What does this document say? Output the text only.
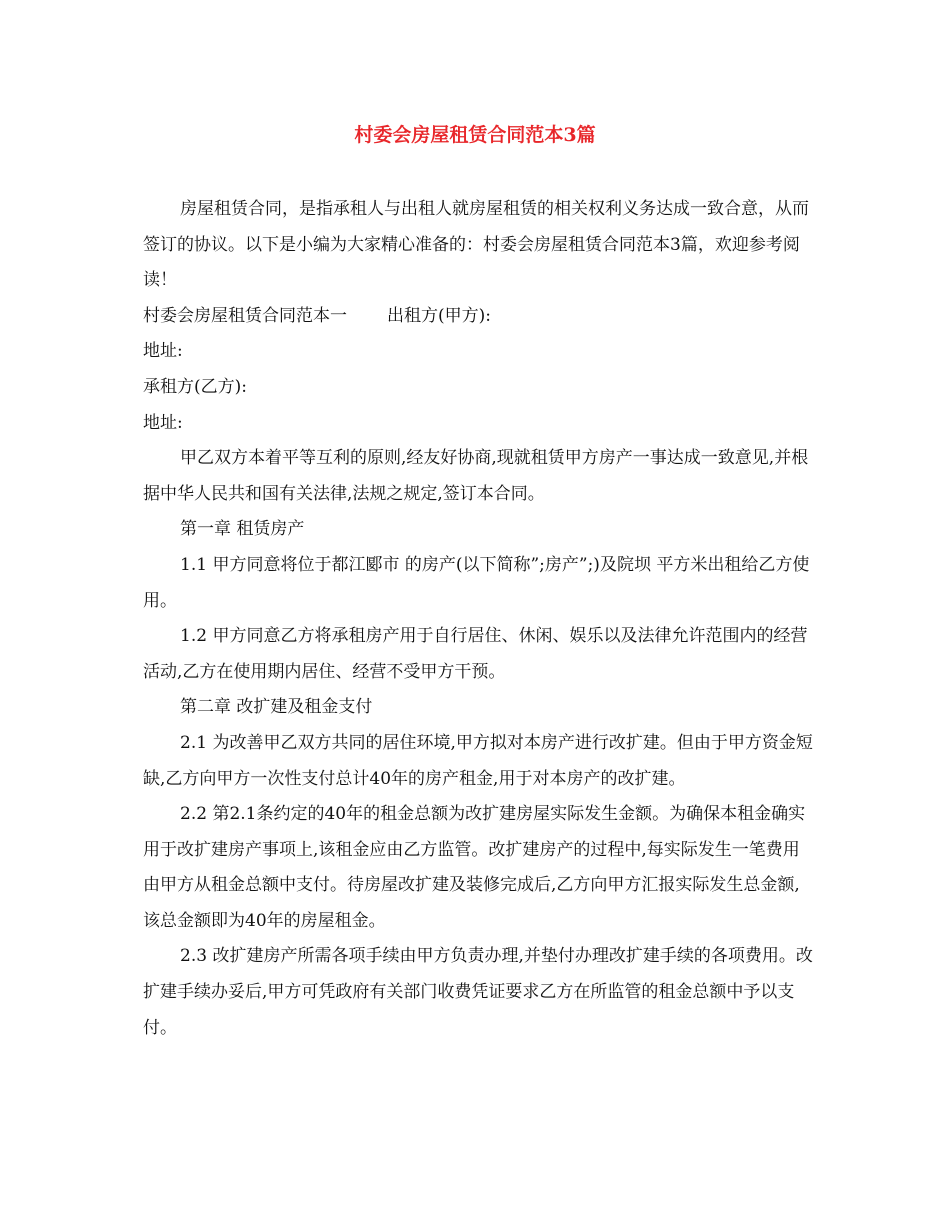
村委会房屋租赁合同范本3篇

房屋租赁合同，是指承租人与出租人就房屋租赁的相关权利义务达成一致合意，从而签订的协议。以下是小编为大家精心准备的：村委会房屋租赁合同范本3篇，欢迎参考阅读！

村委会房屋租赁合同范本一 出租方(甲方):

地址:

承租方(乙方):

地址:

甲乙双方本着平等互利的原则,经友好协商,现就租赁甲方房产一事达成一致意见,并根据中华人民共和国有关法律,法规之规定,签订本合同。

第一章 租赁房产

1.1 甲方同意将位于都江郾市 的房产(以下简称”;房产”;)及院坝 平方米出租给乙方使用。

1.2 甲方同意乙方将承租房产用于自行居住、休闲、娱乐以及法律允许范围内的经营活动,乙方在使用期内居住、经营不受甲方干预。

第二章 改扩建及租金支付

2.1 为改善甲乙双方共同的居住环境,甲方拟对本房产进行改扩建。但由于甲方资金短缺,乙方向甲方一次性支付总计40年的房产租金,用于对本房产的改扩建。

2.2 第2.1条约定的40年的租金总额为改扩建房屋实际发生金额。为确保本租金确实用于改扩建房产事项上,该租金应由乙方监管。改扩建房产的过程中,每实际发生一笔费用由甲方从租金总额中支付。待房屋改扩建及装修完成后,乙方向甲方汇报实际发生总金额,该总金额即为40年的房屋租金。

2.3 改扩建房产所需各项手续由甲方负责办理,并垫付办理改扩建手续的各项费用。改扩建手续办妥后,甲方可凭政府有关部门收费凭证要求乙方在所监管的租金总额中予以支付。
